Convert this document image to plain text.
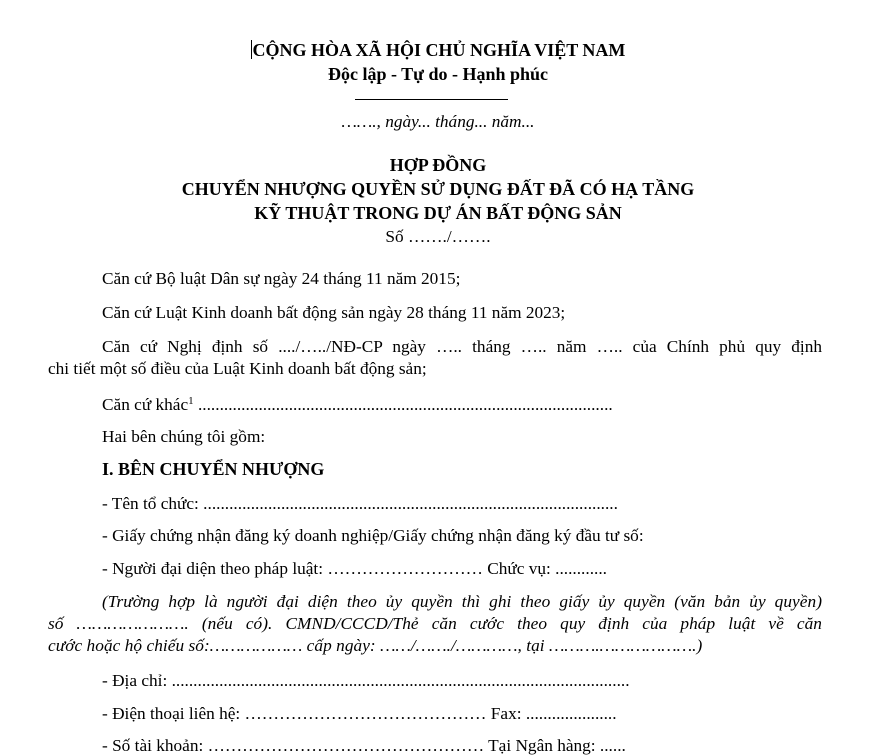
CỘNG HÒA XÃ HỘI CHỦ NGHĨA VIỆT NAM
Độc lập - Tự do - Hạnh phúc
……., ngày... tháng... năm...
HỢP ĐỒNG
CHUYỂN NHƯỢNG QUYỀN SỬ DỤNG ĐẤT ĐÃ CÓ HẠ TẦNG
KỸ THUẬT TRONG DỰ ÁN BẤT ĐỘNG SẢN
Số ……./…….
Căn cứ Bộ luật Dân sự ngày 24 tháng 11 năm 2015;
Căn cứ Luật Kinh doanh bất động sản ngày 28 tháng 11 năm 2023;
Căn cứ Nghị định số ..../…../NĐ-CP ngày ….. tháng ….. năm ….. của Chính phủ quy định
chi tiết một số điều của Luật Kinh doanh bất động sản;
Căn cứ khác$^1$ ................................................................................................
Hai bên chúng tôi gồm:
I. BÊN CHUYỂN NHƯỢNG
- Tên tổ chức: ................................................................................................
- Giấy chứng nhận đăng ký doanh nghiệp/Giấy chứng nhận đăng ký đầu tư số:
- Người đại diện theo pháp luật: ……………………… Chức vụ: ............
(Trường hợp là người đại diện theo ủy quyền thì ghi theo giấy ủy quyền (văn bản ủy quyền)
số …………………. (nếu có). CMND/CCCD/Thẻ căn cước theo quy định của pháp luật về căn
cước hoặc hộ chiếu số:……………… cấp ngày: ……/……./…………, tại ……….……………….)
- Địa chỉ: ..........................................................................................................
- Điện thoại liên hệ: …………………………………… Fax: .....................
- Số tài khoản: ………………………………………… Tại Ngân hàng: ......
